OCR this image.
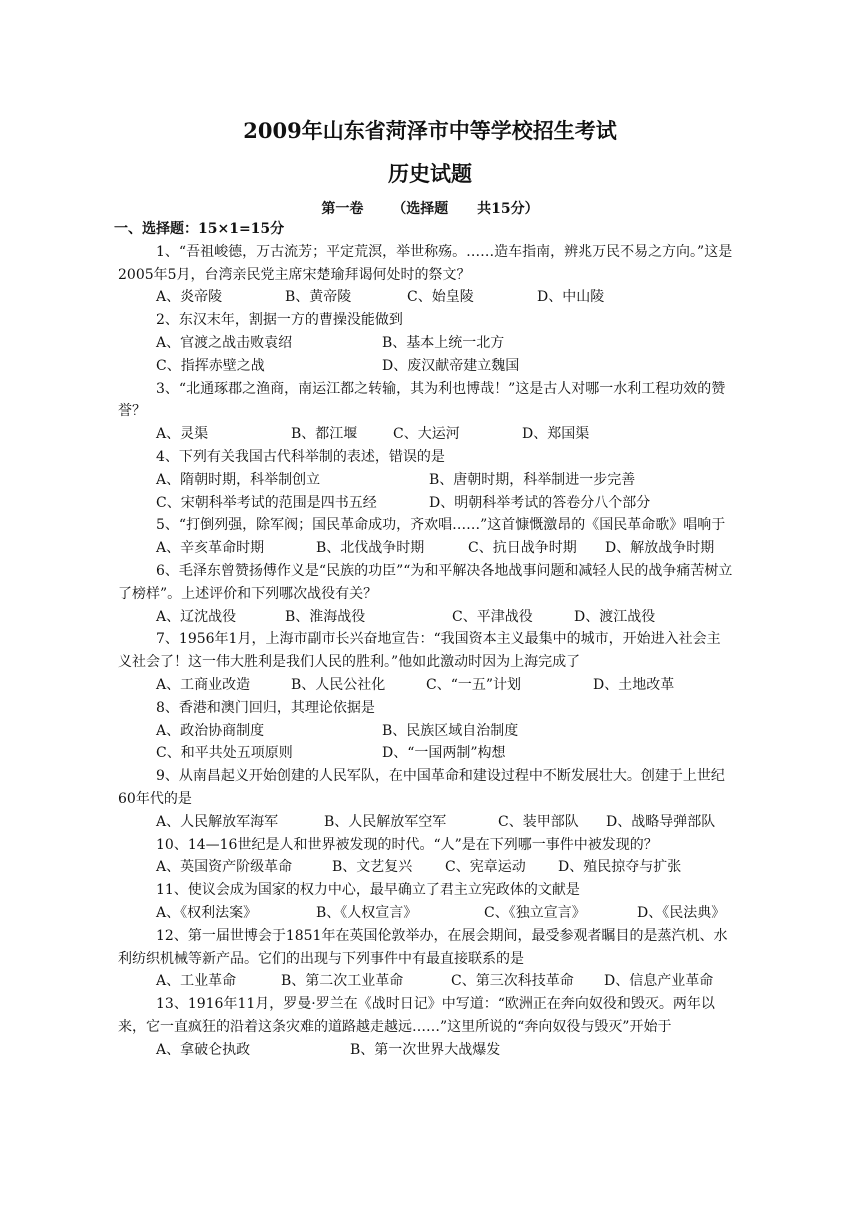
2009年山东省菏泽市中等学校招生考试
历史试题
第一卷 （选择题 共15分）
一、选择题：15×1=15分

1、“吾祖峻德，万古流芳；平定荒溟，举世称殇。……造车指南，辨兆万民不易之方向。”这是2005年5月，台湾亲民党主席宋楚瑜拜谒何处时的祭文？

A、炎帝陵	B、黄帝陵	C、始皇陵	D、中山陵

2、东汉末年，割据一方的曹操没能做到

A、官渡之战击败袁绍	B、基本上统一北方
C、指挥赤壁之战	D、废汉献帝建立魏国

3、“北通琢郡之渔商，南运江都之转输，其为利也博哉！”这是古人对哪一水利工程功效的赞誉？

A、灵渠	B、都江堰	C、大运河	D、郑国渠

4、下列有关我国古代科举制的表述，错误的是

A、隋朝时期，科举制创立	B、唐朝时期，科举制进一步完善
C、宋朝科举考试的范围是四书五经	D、明朝科举考试的答卷分八个部分

5、“打倒列强，除军阀；国民革命成功，齐欢唱……”这首慷慨激昂的《国民革命歌》唱响于

A、辛亥革命时期	B、北伐战争时期	C、抗日战争时期	D、解放战争时期

6、毛泽东曾赞扬傅作义是“民族的功臣”“为和平解决各地战事问题和减轻人民的战争痛苦树立了榜样”。上述评价和下列哪次战役有关？

A、辽沈战役	B、淮海战役	C、平津战役	D、渡江战役

7、1956年1月，上海市副市长兴奋地宣告：“我国资本主义最集中的城市，开始进入社会主义社会了！这一伟大胜利是我们人民的胜利。”他如此激动时因为上海完成了

A、工商业改造	B、人民公社化	C、“一五”计划	D、土地改革

8、香港和澳门回归，其理论依据是

A、政治协商制度	B、民族区域自治制度
C、和平共处五项原则	D、“一国两制”构想

9、从南昌起义开始创建的人民军队，在中国革命和建设过程中不断发展壮大。创建于上世纪60年代的是

A、人民解放军海军	B、人民解放军空军	C、装甲部队	D、战略导弹部队

10、14—16世纪是人和世界被发现的时代。“人”是在下列哪一事件中被发现的？

A、英国资产阶级革命	B、文艺复兴	C、宪章运动	D、殖民掠夺与扩张

11、使议会成为国家的权力中心，最早确立了君主立宪政体的文献是

A、《权利法案》	B、《人权宣言》	C、《独立宣言》	D、《民法典》

12、第一届世博会于1851年在英国伦敦举办，在展会期间，最受参观者瞩目的是蒸汽机、水利纺织机械等新产品。它们的出现与下列事件中有最直接联系的是

A、工业革命	B、第二次工业革命	C、第三次科技革命	D、信息产业革命

13、1916年11月，罗曼·罗兰在《战时日记》中写道：“欧洲正在奔向奴役和毁灭。两年以来，它一直疯狂的沿着这条灾难的道路越走越远……”这里所说的“奔向奴役与毁灭”开始于

A、拿破仑执政	B、第一次世界大战爆发
